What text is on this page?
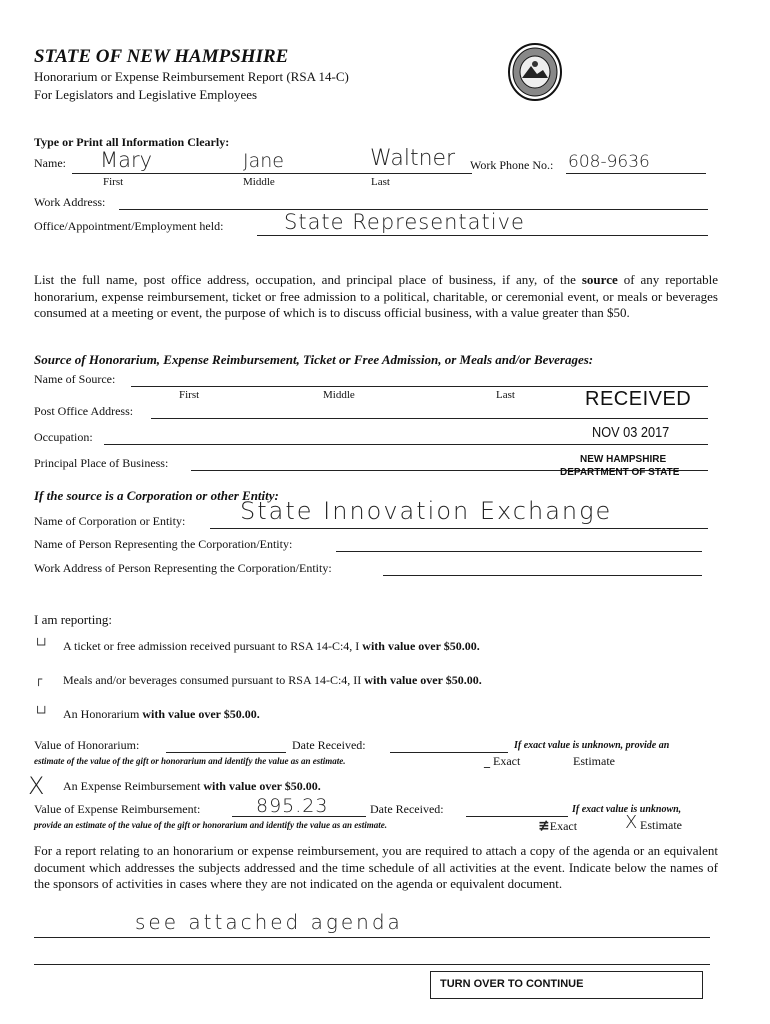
STATE OF NEW HAMPSHIRE
Honorarium or Expense Reimbursement Report (RSA 14-C)
For Legislators and Legislative Employees
Type or Print all Information Clearly:
Name: Mary	Jane	Waltner Work Phone No.: 608-9636
First	Middle	Last
Work Address:
Office/Appointment/Employment held:	State Representative
List the full name, post office address, occupation, and principal place of business, if any, of the source of any reportable honorarium, expense reimbursement, ticket or free admission to a political, charitable, or ceremonial event, or meals or beverages consumed at a meeting or event, the purpose of which is to discuss official business, with a value greater than $50.
Source of Honorarium, Expense Reimbursement, Ticket or Free Admission, or Meals and/or Beverages:
Name of Source:
First	Middle	Last
Post Office Address:
Occupation:
Principal Place of Business:
RECEIVED
NOV 03 2017
NEW HAMPSHIRE
DEPARTMENT OF STATE
If the source is a Corporation or other Entity:
Name of Corporation or Entity: State Innovation Exchange
Name of Person Representing the Corporation/Entity:
Work Address of Person Representing the Corporation/Entity:
I am reporting:
└┘ A ticket or free admission received pursuant to RSA 14-C:4, I with value over $50.00.
┌ Meals and/or beverages consumed pursuant to RSA 14-C:4, II with value over $50.00.
└┘ An Honorarium with value over $50.00.
Value of Honorarium:	Date Received:	If exact value is unknown, provide an
estimate of the value of the gift or honorarium and identify the value as an estimate.	_ Exact	Estimate
X An Expense Reimbursement with value over $50.00.
Value of Expense Reimbursement:	895.23	Date Received:	If exact value is unknown,
provide an estimate of the value of the gift or honorarium and identify the value as an estimate.	≢Exact	X Estimate
For a report relating to an honorarium or expense reimbursement, you are required to attach a copy of the agenda or an equivalent document which addresses the subjects addressed and the time schedule of all activities at the event. Indicate below the names of the sponsors of activities in cases where they are not indicated on the agenda or equivalent document.
see attached agenda
TURN OVER TO CONTINUE
